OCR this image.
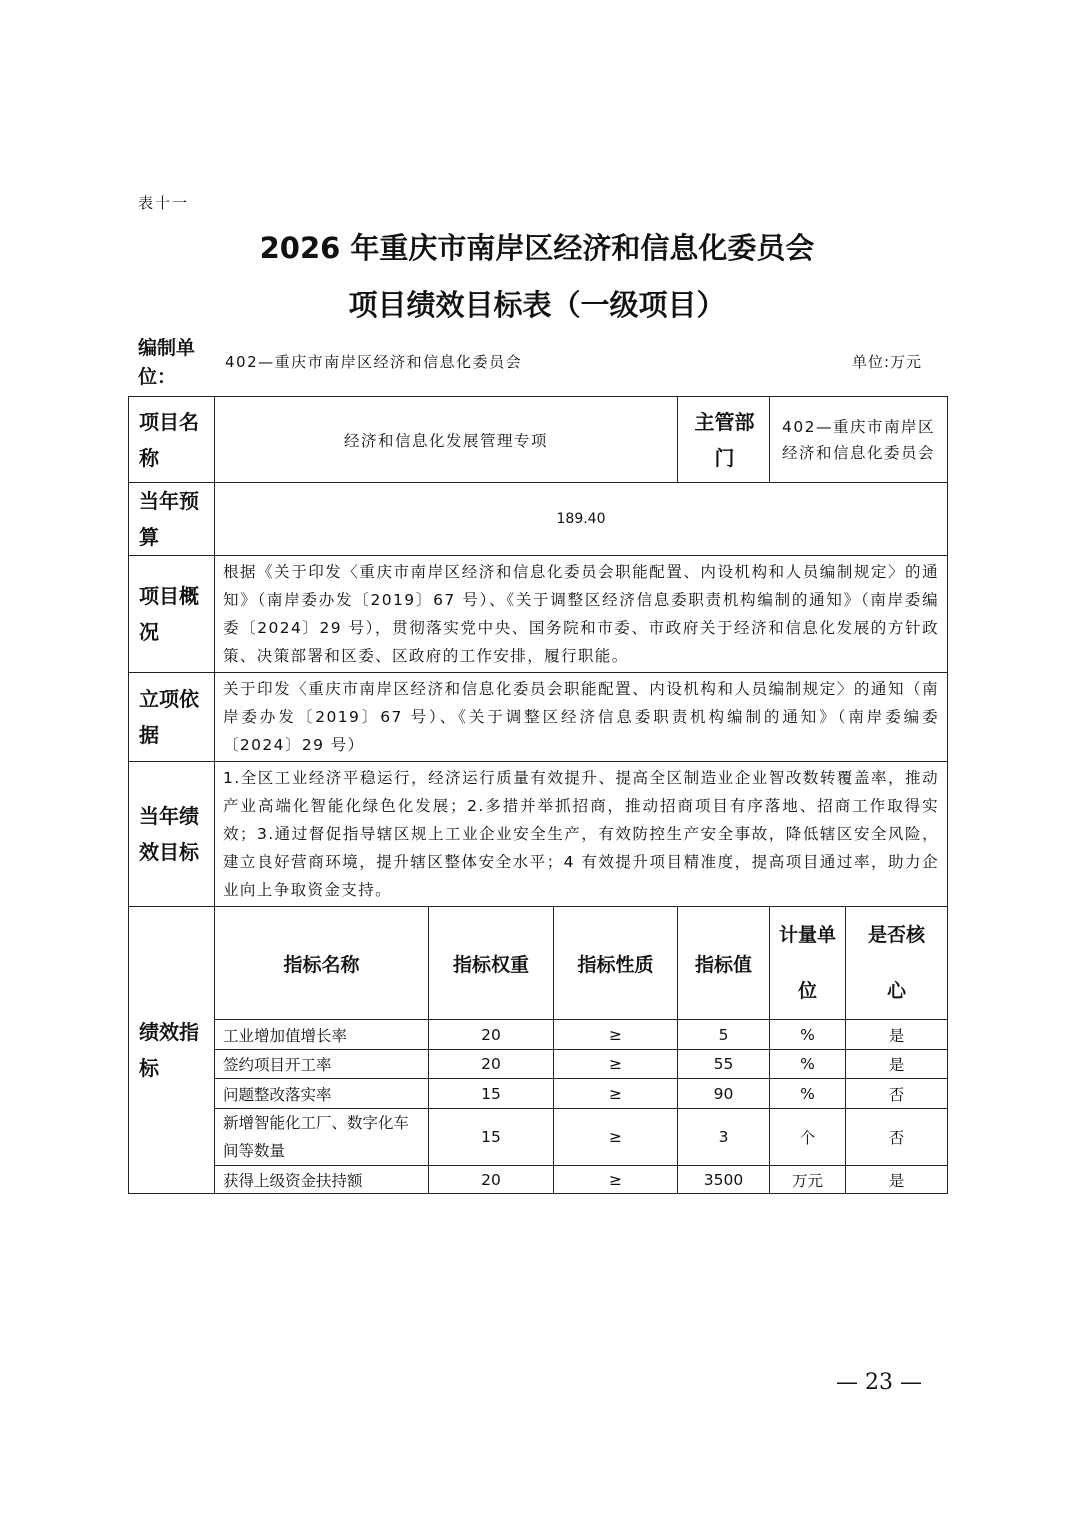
表十一
2026 年重庆市南岸区经济和信息化委员会
项目绩效目标表（一级项目）
编制单位：
402—重庆市南岸区经济和信息化委员会	单位:万元
项目名称	经济和信息化发展管理专项			主管部门	402—重庆市南岸区经济和信息化委员会	
当年预算	189.40					
项目概况	根据《关于印发〈重庆市南岸区经济和信息化委员会职能配置、内设机构和人员编制规定〉的通知》（南岸委办发〔2019〕67 号）、《关于调整区经济信息委职责机构编制的通知》（南岸委编委〔2024〕29 号），贯彻落实党中央、国务院和市委、市政府关于经济和信息化发展的方针政策、决策部署和区委、区政府的工作安排，履行职能。					
立项依据	关于印发〈重庆市南岸区经济和信息化委员会职能配置、内设机构和人员编制规定〉的通知（南岸委办发〔2019〕67 号）、《关于调整区经济信息委职责机构编制的通知》（南岸委编委〔2024〕29 号）					
当年绩效目标	1.全区工业经济平稳运行，经济运行质量有效提升、提高全区制造业企业智改数转覆盖率，推动产业高端化智能化绿色化发展；2.多措并举抓招商，推动招商项目有序落地、招商工作取得实效；3.通过督促指导辖区规上工业企业安全生产，有效防控生产安全事故，降低辖区安全风险，建立良好营商环境，提升辖区整体安全水平；4 有效提升项目精准度，提高项目通过率，助力企业向上争取资金支持。					
绩效指标	指标名称	指标权重	指标性质	指标值	计量单位	是否核心
	工业增加值增长率	20	≥	5	%	是
	签约项目开工率	20	≥	55	%	是
	问题整改落实率	15	≥	90	%	否
	新增智能化工厂、数字化车间等数量	15	≥	3	个	否
	获得上级资金扶持额	20	≥	3500	万元	是
— 23 —
